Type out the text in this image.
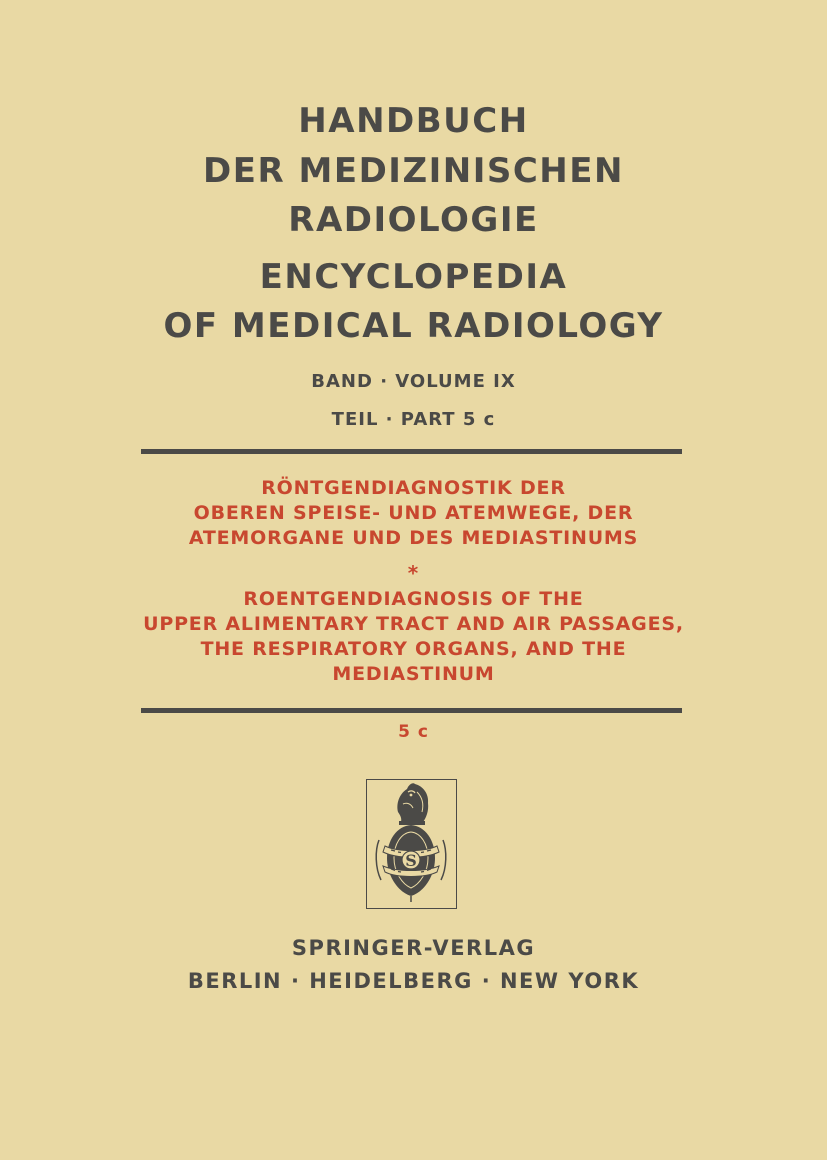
HANDBUCH
DER MEDIZINISCHEN
RADIOLOGIE
ENCYCLOPEDIA
OF MEDICAL RADIOLOGY
BAND · VOLUME IX
TEIL · PART 5 c
RÖNTGENDIAGNOSTIK DER
OBEREN SPEISE- UND ATEMWEGE, DER
ATEMORGANE UND DES MEDIASTINUMS
*
ROENTGENDIAGNOSIS OF THE
UPPER ALIMENTARY TRACT AND AIR PASSAGES,
THE RESPIRATORY ORGANS, AND THE
MEDIASTINUM
5 c
S
SPRINGER-VERLAG
BERLIN · HEIDELBERG · NEW YORK
